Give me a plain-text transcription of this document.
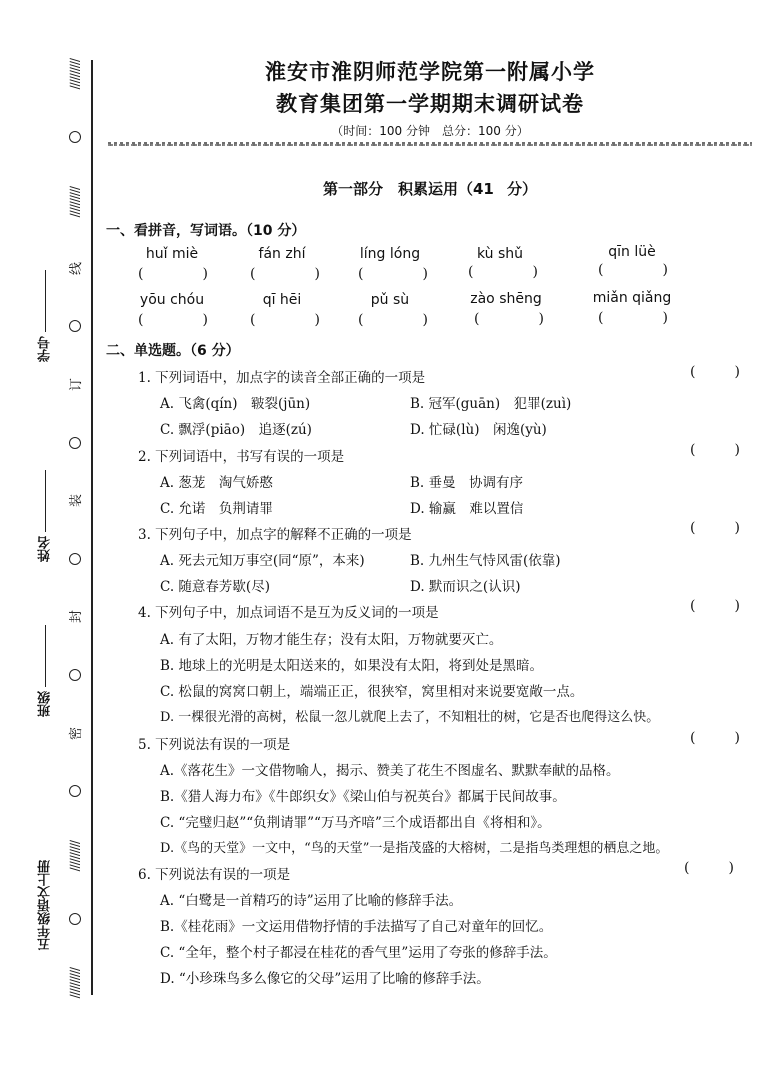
//////////
//////////
线
订
装
封
密
//////////
//////////
学号
姓名
班级
五年级语文上册
淮安市淮阴师范学院第一附属小学
教育集团第一学期期末调研试卷
（时间：100 分钟　总分：100 分）
第一部分　积累运用（41 分）
一、看拼音，写词语。（10 分）
huǐ miè	fán zhí	líng lóng	kù shǔ	qīn lüè
(	)	(	)	(	)	(	)	(	)
yōu chóu	qī hēi	pǔ sù	zào shēng	miǎn qiǎng
(	)	(	)	(	)	(	)	(	)
二、单选题。（6 分）
1. 下列词语中，加点字的读音全部正确的一项是	(	)
A. 飞禽(qín)　皲裂(jūn)	B. 冠军(guān)　犯罪(zuì)
C. 飘浮(piāo)　追逐(zú)	D. 忙碌(lù)　闲逸(yù)
2. 下列词语中，书写有误的一项是	(	)
A. 葱茏　淘气娇憨	B. 垂曼　协调有序
C. 允诺　负荆请罪	D. 输赢　难以置信
3. 下列句子中，加点字的解释不正确的一项是	(	)
A. 死去元知万事空(同“原”，本来)	B. 九州生气恃风雷(依靠)
C. 随意春芳歇(尽)	D. 默而识之(认识)
4. 下列句子中，加点词语不是互为反义词的一项是	(	)
A. 有了太阳，万物才能生存；没有太阳，万物就要灭亡。
B. 地球上的光明是太阳送来的，如果没有太阳，将到处是黑暗。
C. 松鼠的窝窝口朝上，端端正正，很狭窄，窝里相对来说要宽敞一点。
D. 一棵很光滑的高树，松鼠一忽儿就爬上去了，不知粗壮的树，它是否也爬得这么快。
5. 下列说法有误的一项是	(	)
A.《落花生》一文借物喻人，揭示、赞美了花生不图虚名、默默奉献的品格。
B.《猎人海力布》《牛郎织女》《梁山伯与祝英台》都属于民间故事。
C. “完璧归赵”“负荆请罪”“万马齐喑”三个成语都出自《将相和》。
D.《鸟的天堂》一文中，“鸟的天堂”一是指茂盛的大榕树，二是指鸟类理想的栖息之地。
6. 下列说法有误的一项是	(	)
A. “白鹭是一首精巧的诗”运用了比喻的修辞手法。
B.《桂花雨》一文运用借物抒情的手法描写了自己对童年的回忆。
C. “全年，整个村子都浸在桂花的香气里”运用了夸张的修辞手法。
D. “小珍珠鸟多么像它的父母”运用了比喻的修辞手法。
